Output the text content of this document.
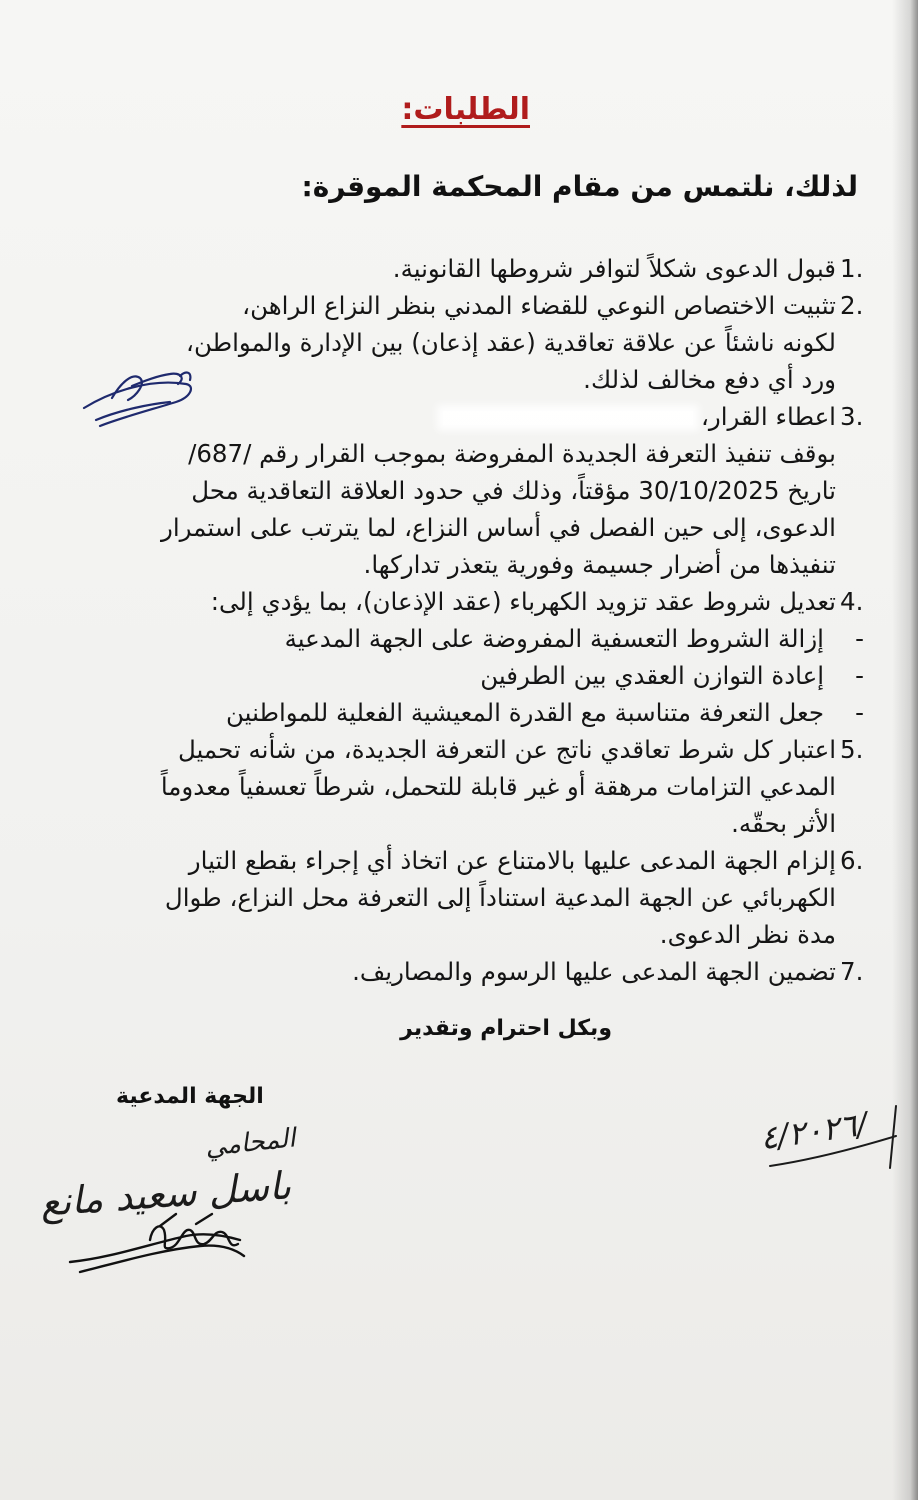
الطلبات:

لذلك، نلتمس من مقام المحكمة الموقرة:

1.
قبول الدعوى شكلاً لتوافر شروطها القانونية.
2.
تثبيت الاختصاص النوعي للقضاء المدني بنظر النزاع الراهن،
لكونه ناشئاً عن علاقة تعاقدية (عقد إذعان) بين الإدارة والمواطن،
ورد أي دفع مخالف لذلك.
3.
اعطاء القرار،
بوقف تنفيذ التعرفة الجديدة المفروضة بموجب القرار رقم /687/
تاريخ 30/10/2025 مؤقتاً، وذلك في حدود العلاقة التعاقدية محل
الدعوى، إلى حين الفصل في أساس النزاع، لما يترتب على استمرار
تنفيذها من أضرار جسيمة وفورية يتعذر تداركها.
4.
تعديل شروط عقد تزويد الكهرباء (عقد الإذعان)، بما يؤدي إلى:
-إزالة الشروط التعسفية المفروضة على الجهة المدعية
-إعادة التوازن العقدي بين الطرفين
-جعل التعرفة متناسبة مع القدرة المعيشية الفعلية للمواطنين
5.
اعتبار كل شرط تعاقدي ناتج عن التعرفة الجديدة، من شأنه تحميل
المدعي التزامات مرهقة أو غير قابلة للتحمل، شرطاً تعسفياً معدوماً
الأثر بحقّه.
6.
إلزام الجهة المدعى عليها بالامتناع عن اتخاذ أي إجراء بقطع التيار
الكهربائي عن الجهة المدعية استناداً إلى التعرفة محل النزاع، طوال
مدة نظر الدعوى.
7.
تضمين الجهة المدعى عليها الرسوم والمصاريف.

وبكل احترام وتقدير

الجهة المدعية

المحامي
باسل سعيد مانع
/٤/٢٠٢٦
